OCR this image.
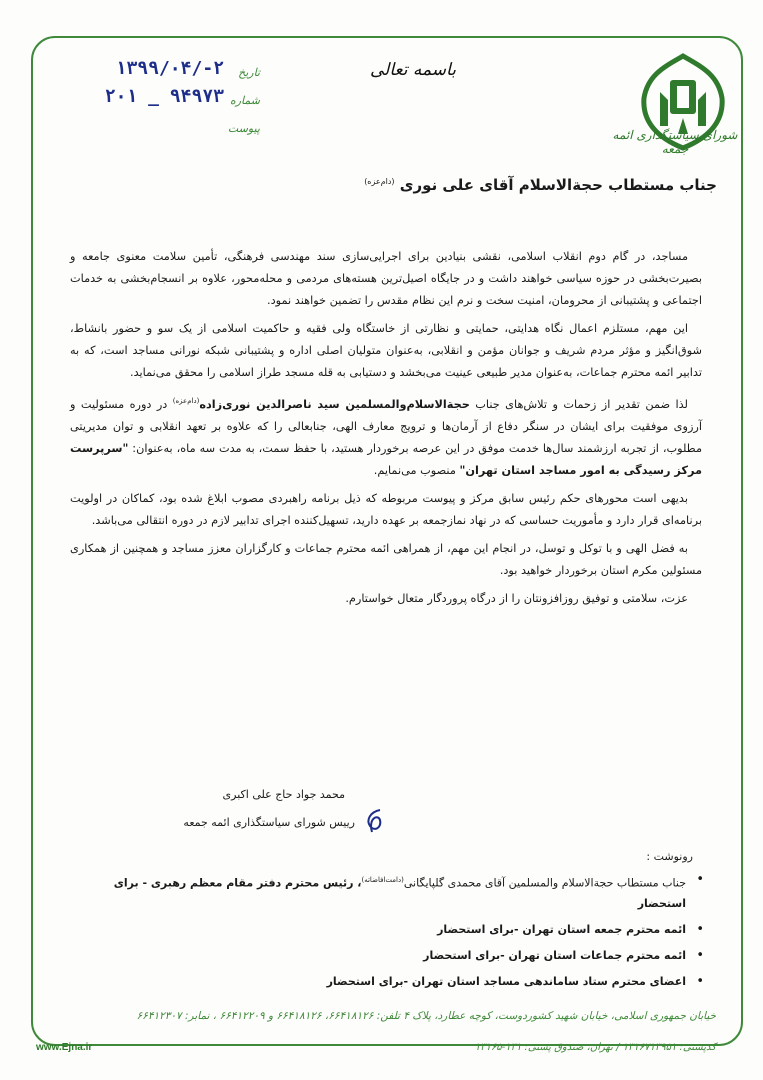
۱۳۹۹/۰۴/-۲ تاریخ
۲۰۱ _ ۹۴۹۷۳ شماره
پیوست
باسمه تعالی
شورای سیاستگذاری ائمه جمعه
جناب مستطاب حجةالاسلام آقای علی نوری $^{(دام‌عزه)}$

مساجد، در گام دوم انقلاب اسلامی، نقشی بنیادین برای اجرایی‌سازی سند مهندسی فرهنگی، تأمین سلامت معنوی جامعه و بصیرت‌بخشی در حوزه سیاسی خواهند داشت و در جایگاه اصیل‌ترین هسته‌های مردمی و محله‌محور، علاوه بر انسجام‌بخشی به خدمات اجتماعی و پشتیبانی از محرومان، امنیت سخت و نرم این نظام مقدس را تضمین خواهند نمود.

این مهم، مستلزم اعمال نگاه هدایتی، حمایتی و نظارتی از خاستگاه ولی فقیه و حاکمیت اسلامی از یک سو و حضور بانشاط، شوق‌انگیز و مؤثر مردم شریف و جوانان مؤمن و انقلابی، به‌عنوان متولیان اصلی اداره و پشتیبانی شبکه نورانی مساجد است، که به تدابیر ائمه محترم جماعات، به‌عنوان مدیر طبیعی عینیت می‌بخشد و دستیابی به قله مسجد طراز اسلامی را محقق می‌نماید.

لذا ضمن تقدیر از زحمات و تلاش‌های جناب حجةالاسلام‌والمسلمین سید ناصرالدین نوری‌زاده$^{(دام‌عزه)}$ در دوره مسئولیت و آرزوی موفقیت برای ایشان در سنگر دفاع از آرمان‌ها و ترویج معارف الهی، جنابعالی را که علاوه بر تعهد انقلابی و توان مدیریتی مطلوب، از تجربه ارزشمند سال‌ها خدمت موفق در این عرصه برخوردار هستید، با حفظ سمت، به مدت سه ماه، به‌عنوان: "سرپرست مرکز رسیدگی به امور مساجد استان تهران" منصوب می‌نمایم.

بدیهی است محورهای حکم رئیس سابق مرکز و پیوست مربوطه که ذیل برنامه راهبردی مصوب ابلاغ شده بود، کماکان در اولویت برنامه‌ای قرار دارد و مأموریت حساسی که در نهاد نمازجمعه بر عهده دارید، تسهیل‌کننده اجرای تدابیر لازم در دوره انتقالی می‌باشد.

به فضل الهی و با توکل و توسل، در انجام این مهم، از همراهی ائمه محترم جماعات و کارگزاران معزز مساجد و همچنین از همکاری مسئولین مکرم استان برخوردار خواهید بود.

عزت، سلامتی و توفیق روزافزونتان را از درگاه پروردگار متعال خواستارم.

محمد جواد حاج علی اکبری
رییس شورای سیاستگذاری ائمه جمعه
رونوشت :
• جناب مستطاب حجةالاسلام والمسلمین آقای محمدی گلپایگانی$^{(دامت‌افاضاته)}$، رئیس محترم دفتر مقام معظم رهبری - برای استحضار
• ائمه محترم جمعه استان تهران -برای استحضار
• ائمه محترم جماعات استان تهران -برای استحضار
• اعضای محترم ستاد ساماندهی مساجد استان تهران -برای استحضار
خیابان جمهوری اسلامی، خیابان شهید کشوردوست، کوچه عطارد، پلاک ۴ تلفن: ۶۶۴۱۸۱۲۶، ۶۶۴۱۸۱۲۶ و ۶۶۴۱۲۲۰۹ ، نمابر: ۶۶۴۱۲۳۰۷
www.Ejna.ir	کدپستی: ۱۳۱۶۷۱۳۹۵۱ / تهران، صندوق پستی: ۱۳۱-۱۳۱۶۵
